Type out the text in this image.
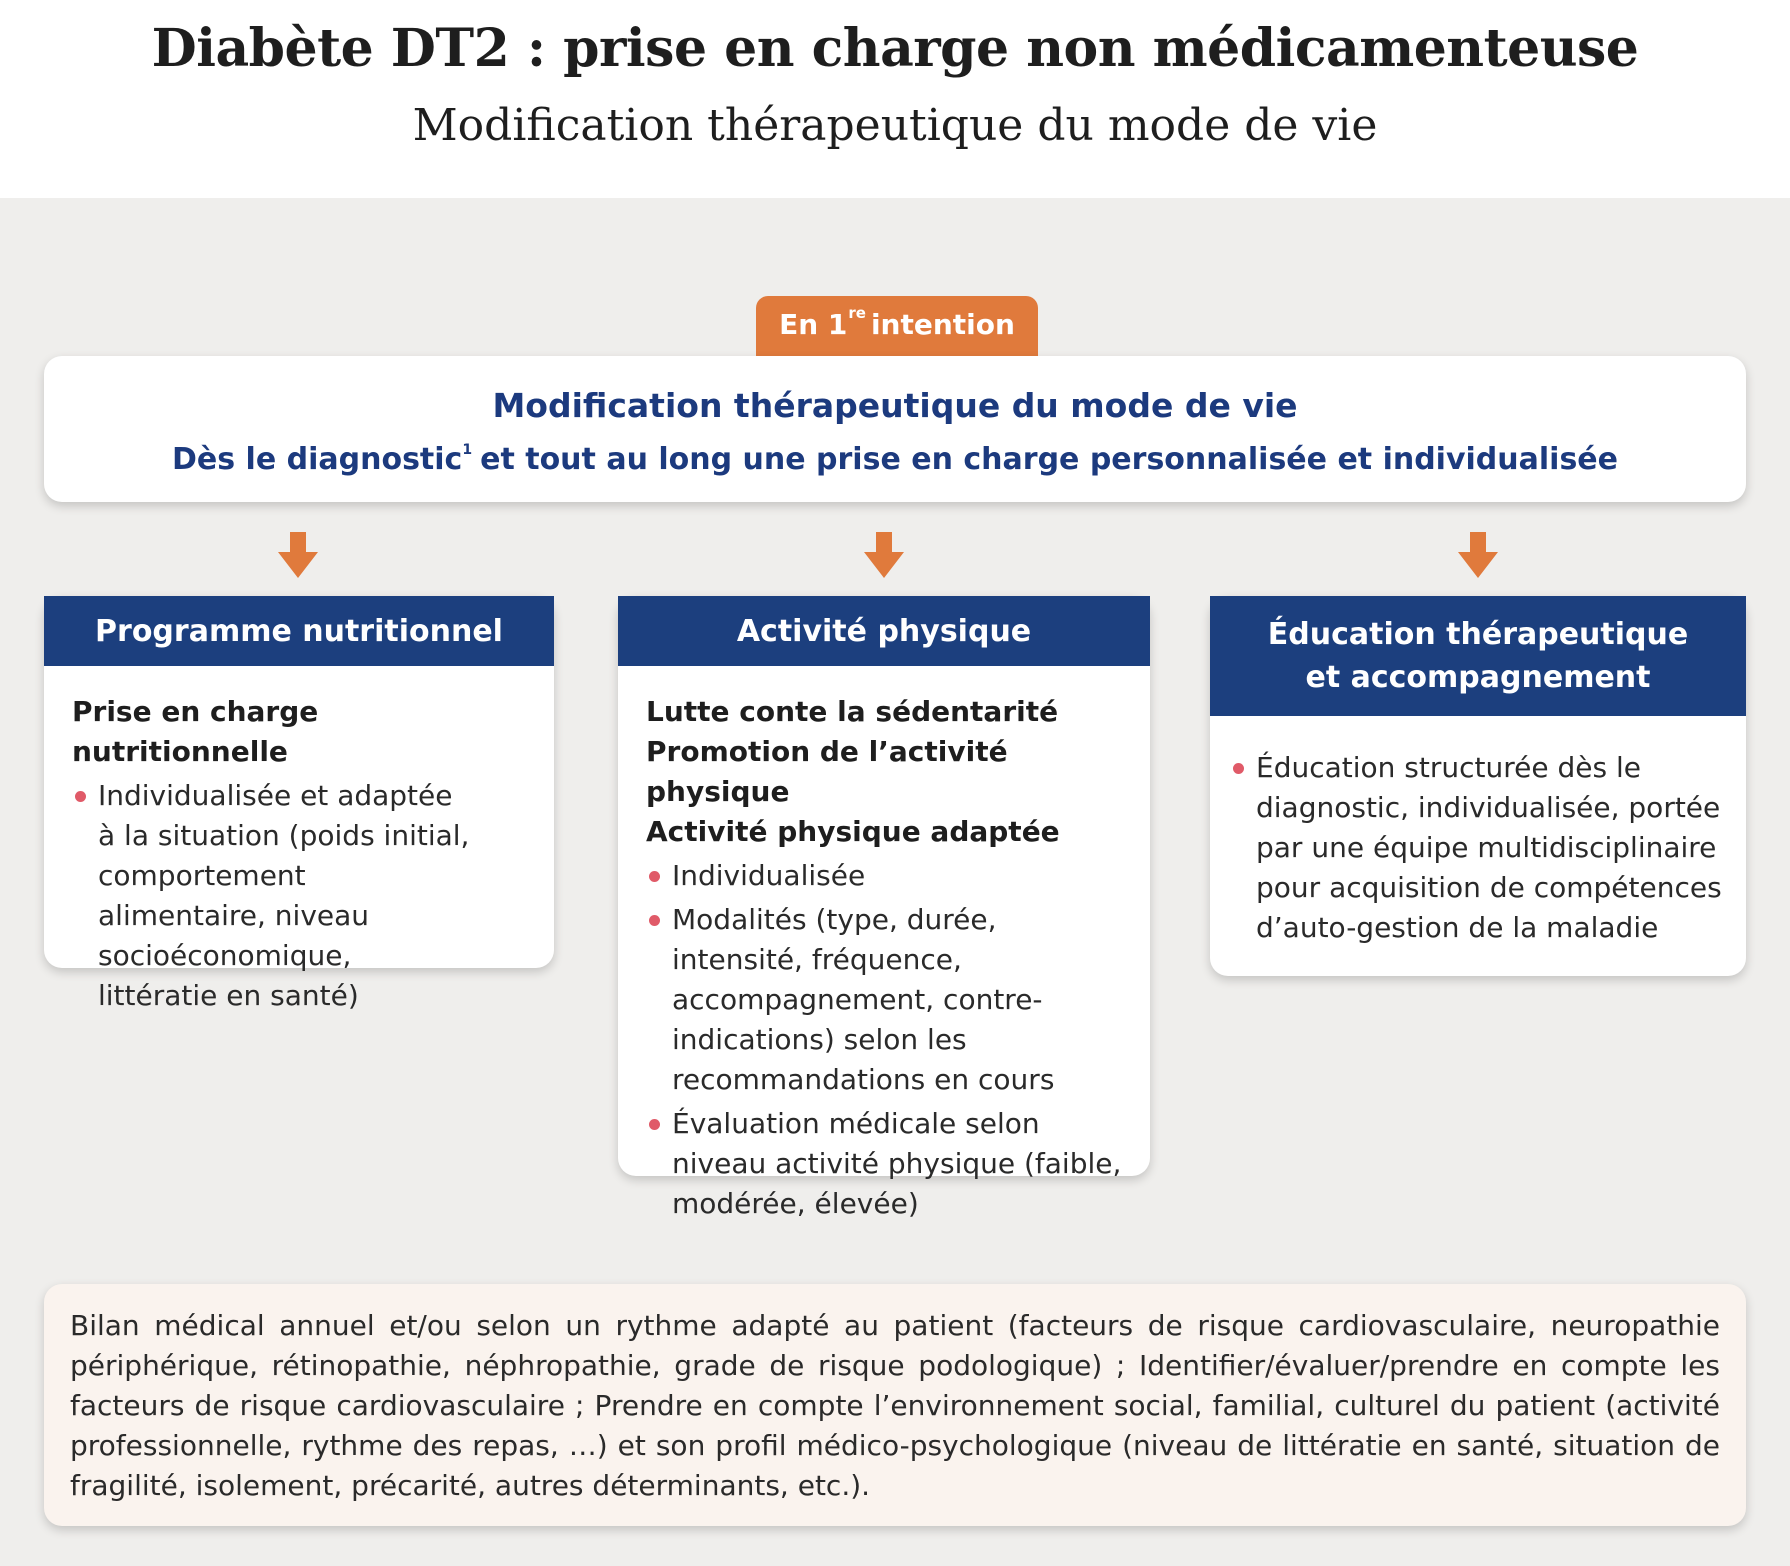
Diabète DT2 : prise en charge non médicamenteuse
Modification thérapeutique du mode de vie
En 1re intention
Modification thérapeutique du mode de vie
Dès le diagnostic$^1$ et tout au long une prise en charge personnalisée et individualisée
Programme nutritionnel
Prise en charge nutritionnelle
Individualisée et adaptée à la situation (poids initial, comportement alimentaire, niveau socioéconomique, littératie en santé)
Activité physique
Lutte conte la sédentarité
Promotion de l’activité physique
Activité physique adaptée
Individualisée
Modalités (type, durée, intensité, fréquence, accompagnement, contre-indications) selon les recommandations en cours
Évaluation médicale selon niveau activité physique (faible, modérée, élevée)
Éducation thérapeutique
et accompagnement
Éducation structurée dès le diagnostic, individualisée, portée par une équipe multidisciplinaire pour acquisition de compétences d’auto-gestion de la maladie
Bilan médical annuel et/ou selon un rythme adapté au patient (facteurs de risque cardiovasculaire, neuropathie périphérique, rétinopathie, néphropathie, grade de risque podologique) ; Identifier/évaluer/prendre en compte les facteurs de risque cardiovasculaire ; Prendre en compte l’environnement social, familial, culturel du patient (activité professionnelle, rythme des repas, …) et son profil médico-psychologique (niveau de littératie en santé, situation de fragilité, isolement, précarité, autres déterminants, etc.).
